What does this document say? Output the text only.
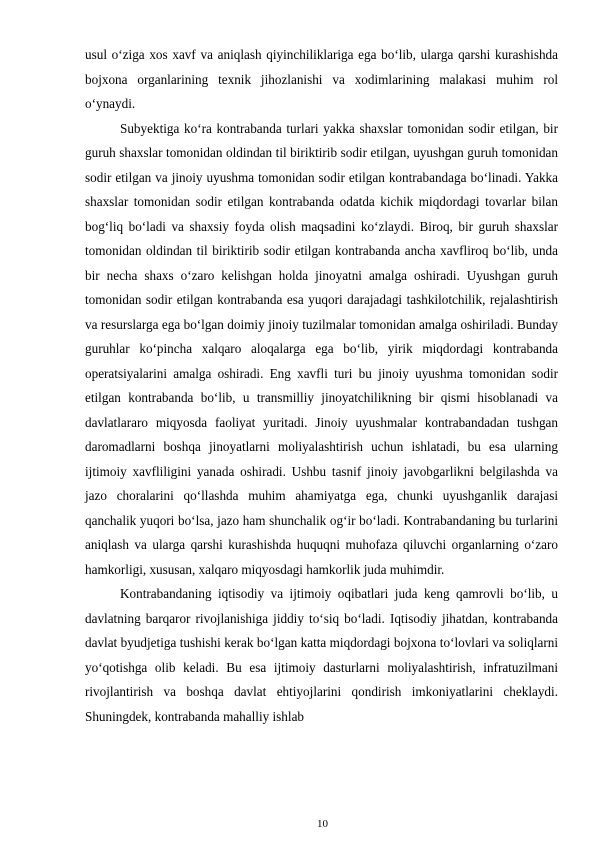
usul o‘ziga xos xavf va aniqlash qiyinchiliklariga ega bo‘lib, ularga qarshi kurashishda bojxona organlarining texnik jihozlanishi va xodimlarining malakasi muhim rol o‘ynaydi.

Subyektiga ko‘ra kontrabanda turlari yakka shaxslar tomonidan sodir etilgan, bir guruh shaxslar tomonidan oldindan til biriktirib sodir etilgan, uyushgan guruh tomonidan sodir etilgan va jinoiy uyushma tomonidan sodir etilgan kontrabandaga bo‘linadi. Yakka shaxslar tomonidan sodir etilgan kontrabanda odatda kichik miqdordagi tovarlar bilan bog‘liq bo‘ladi va shaxsiy foyda olish maqsadini ko‘zlaydi. Biroq, bir guruh shaxslar tomonidan oldindan til biriktirib sodir etilgan kontrabanda ancha xavfliroq bo‘lib, unda bir necha shaxs o‘zaro kelishgan holda jinoyatni amalga oshiradi. Uyushgan guruh tomonidan sodir etilgan kontrabanda esa yuqori darajadagi tashkilotchilik, rejalashtirish va resurslarga ega bo‘lgan doimiy jinoiy tuzilmalar tomonidan amalga oshiriladi. Bunday guruhlar ko‘pincha xalqaro aloqalarga ega bo‘lib, yirik miqdordagi kontrabanda operatsiyalarini amalga oshiradi. Eng xavfli turi bu jinoiy uyushma tomonidan sodir etilgan kontrabanda bo‘lib, u transmilliy jinoyatchilikning bir qismi hisoblanadi va davlatlararo miqyosda faoliyat yuritadi. Jinoiy uyushmalar kontrabandadan tushgan daromadlarni boshqa jinoyatlarni moliyalashtirish uchun ishlatadi, bu esa ularning ijtimoiy xavfliligini yanada oshiradi. Ushbu tasnif jinoiy javobgarlikni belgilashda va jazo choralarini qo‘llashda muhim ahamiyatga ega, chunki uyushganlik darajasi qanchalik yuqori bo‘lsa, jazo ham shunchalik og‘ir bo‘ladi. Kontrabandaning bu turlarini aniqlash va ularga qarshi kurashishda huquqni muhofaza qiluvchi organlarning o‘zaro hamkorligi, xususan, xalqaro miqyosdagi hamkorlik juda muhimdir.

Kontrabandaning iqtisodiy va ijtimoiy oqibatlari juda keng qamrovli bo‘lib, u davlatning barqaror rivojlanishiga jiddiy to‘siq bo‘ladi. Iqtisodiy jihatdan, kontrabanda davlat byudjetiga tushishi kerak bo‘lgan katta miqdordagi bojxona to‘lovlari va soliqlarni yo‘qotishga olib keladi. Bu esa ijtimoiy dasturlarni moliyalashtirish, infratuzilmani rivojlantirish va boshqa davlat ehtiyojlarini qondirish imkoniyatlarini cheklaydi. Shuningdek, kontrabanda mahalliy ishlab

10
